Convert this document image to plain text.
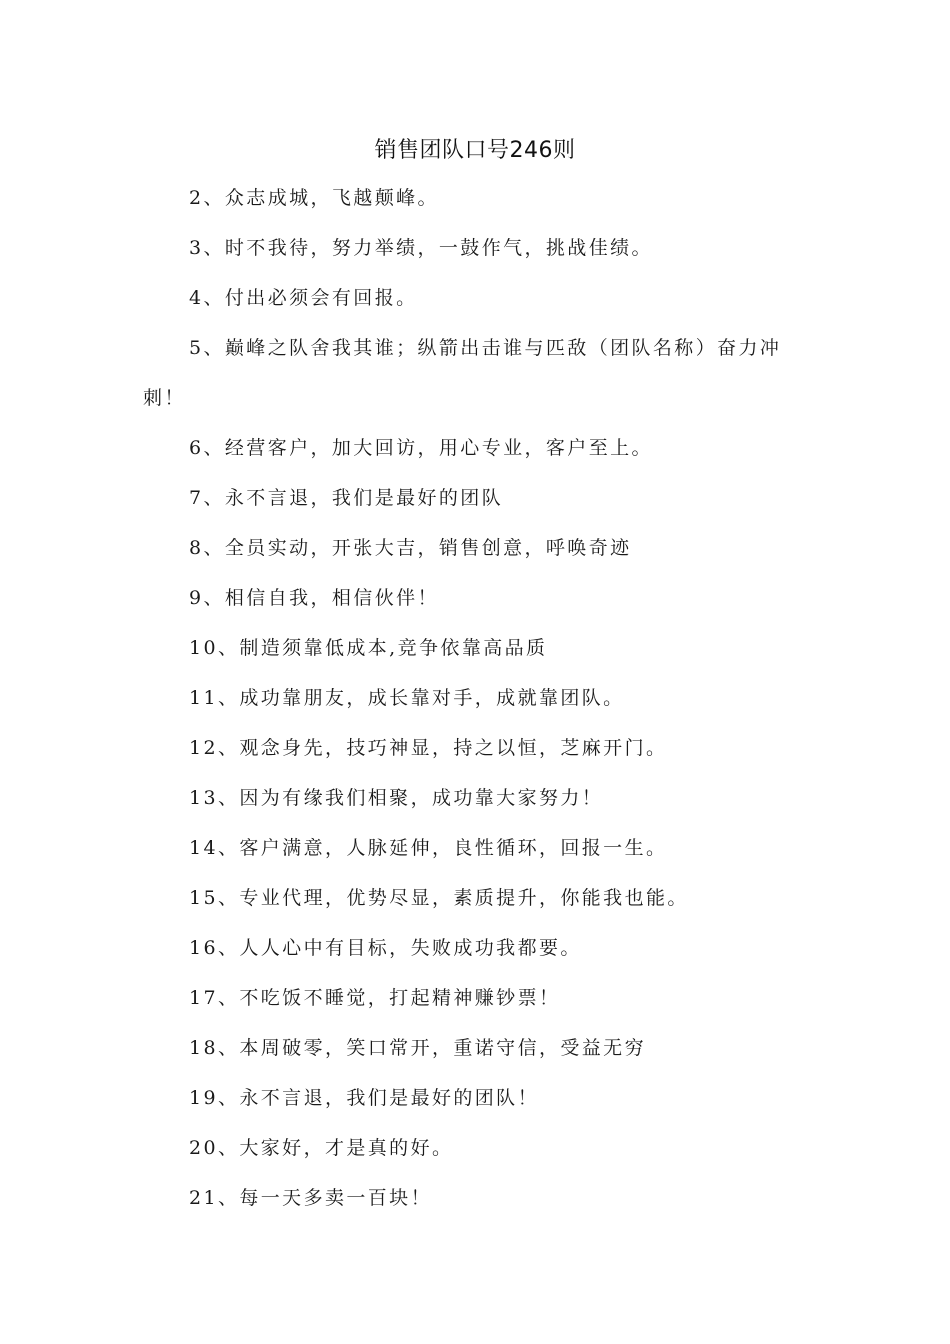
销售团队口号246则
2、众志成城，飞越颠峰。
3、时不我待，努力举绩，一鼓作气，挑战佳绩。
4、付出必须会有回报。
5、巅峰之队舍我其谁；纵箭出击谁与匹敌（团队名称）奋力冲
刺！
6、经营客户，加大回访，用心专业，客户至上。
7、永不言退，我们是最好的团队
8、全员实动，开张大吉，销售创意，呼唤奇迹
9、相信自我，相信伙伴！
10、制造须靠低成本,竞争依靠高品质
11、成功靠朋友，成长靠对手，成就靠团队。
12、观念身先，技巧神显，持之以恒，芝麻开门。
13、因为有缘我们相聚，成功靠大家努力！
14、客户满意，人脉延伸，良性循环，回报一生。
15、专业代理，优势尽显，素质提升，你能我也能。
16、人人心中有目标，失败成功我都要。
17、不吃饭不睡觉，打起精神赚钞票！
18、本周破零，笑口常开，重诺守信，受益无穷
19、永不言退，我们是最好的团队！
20、大家好，才是真的好。
21、每一天多卖一百块！
